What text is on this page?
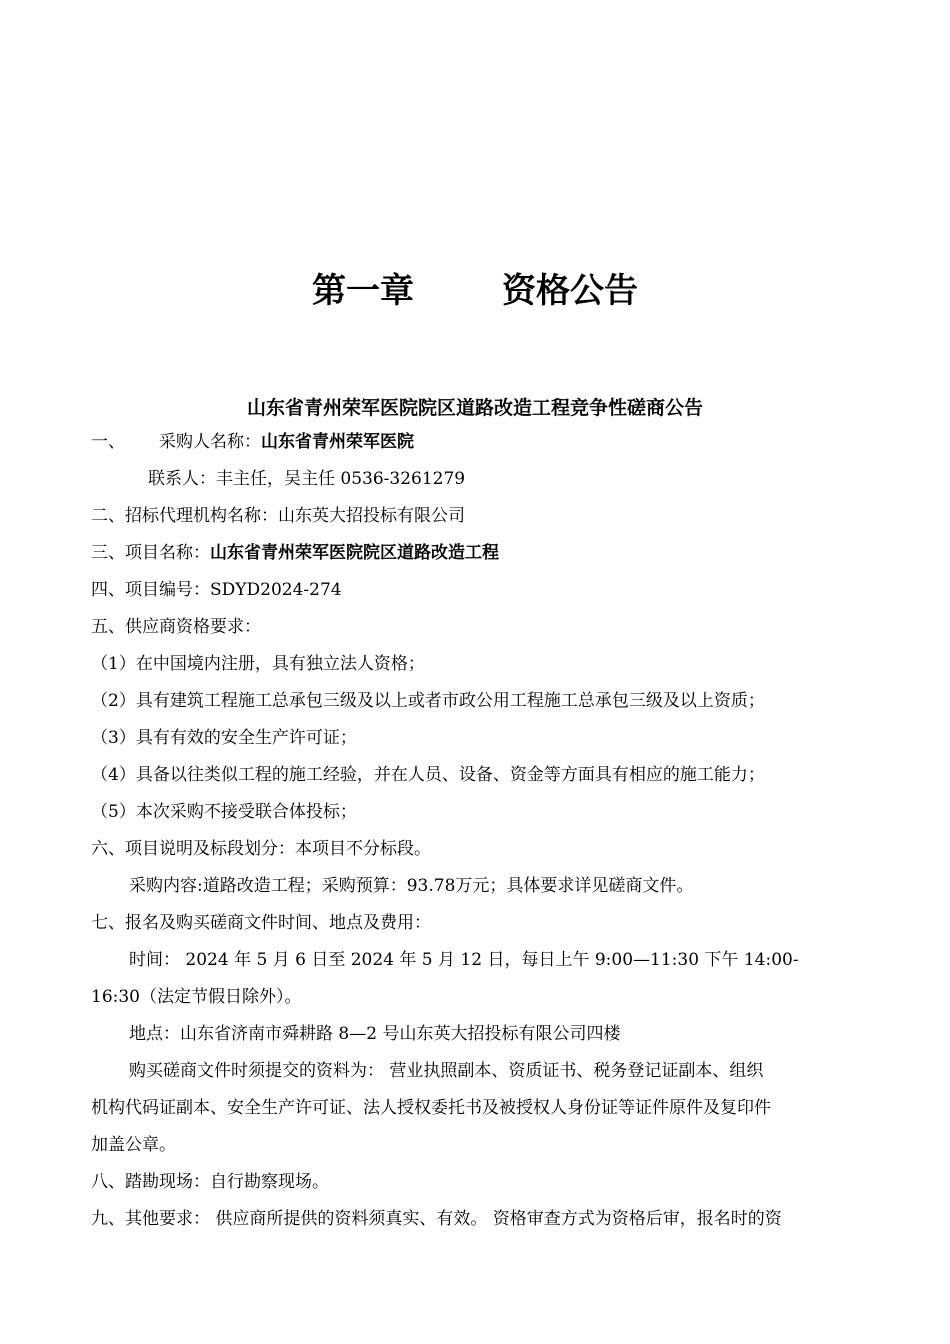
第一章	资格公告
山东省青州荣军医院院区道路改造工程竞争性磋商公告
一、 采购人名称：山东省青州荣军医院
联系人：丰主任，吴主任 0536-3261279
二、招标代理机构名称：山东英大招投标有限公司
三、项目名称：山东省青州荣军医院院区道路改造工程
四、项目编号：SDYD2024-274
五、供应商资格要求：
（1）在中国境内注册，具有独立法人资格；
（2）具有建筑工程施工总承包三级及以上或者市政公用工程施工总承包三级及以上资质；
（3）具有有效的安全生产许可证；
（4）具备以往类似工程的施工经验，并在人员、设备、资金等方面具有相应的施工能力；
（5）本次采购不接受联合体投标；
六、项目说明及标段划分：本项目不分标段。
采购内容:道路改造工程；采购预算：93.78万元；具体要求详见磋商文件。
七、报名及购买磋商文件时间、地点及费用：
时间： 2024 年 5 月 6 日至 2024 年 5 月 12 日，每日上午 9:00—11:30 下午 14:00-
16:30（法定节假日除外）。
地点：山东省济南市舜耕路 8—2 号山东英大招投标有限公司四楼
购买磋商文件时须提交的资料为： 营业执照副本、资质证书、税务登记证副本、组织
机构代码证副本、安全生产许可证、法人授权委托书及被授权人身份证等证件原件及复印件
加盖公章。
八、踏勘现场：自行勘察现场。
九、其他要求： 供应商所提供的资料须真实、有效。 资格审查方式为资格后审，报名时的资
